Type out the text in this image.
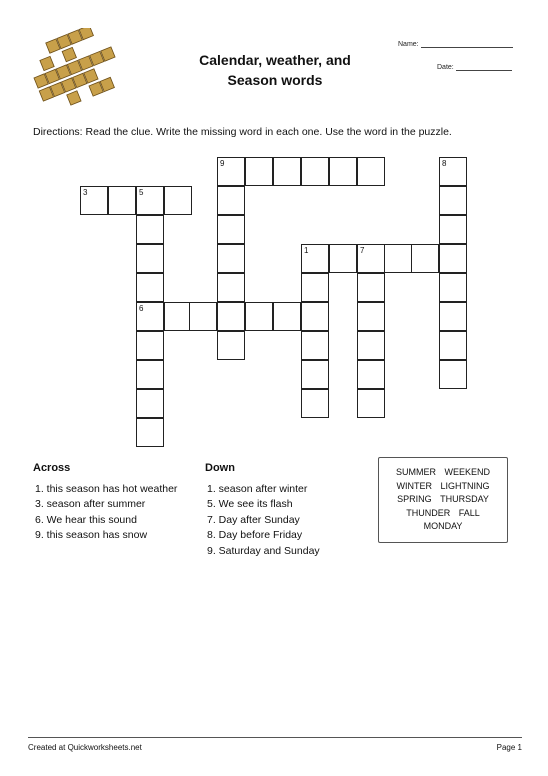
Calendar, weather, and
Season words
Name:
Date:
Directions: Read the clue. Write the missing word in each one. Use the word in the puzzle.
9	8
3	5
6
1	7
Across
1. this season has hot weather
3. season after summer
6. We hear this sound
9. this season has snow
Down
1. season after winter
5. We see its flash
7. Day after Sunday
8. Day before Friday
9. Saturday and Sunday
SUMMER WEEKEND
WINTER LIGHTNING
SPRING THURSDAY
THUNDER FALL
MONDAY
Created at Quickworksheets.net	Page 1
